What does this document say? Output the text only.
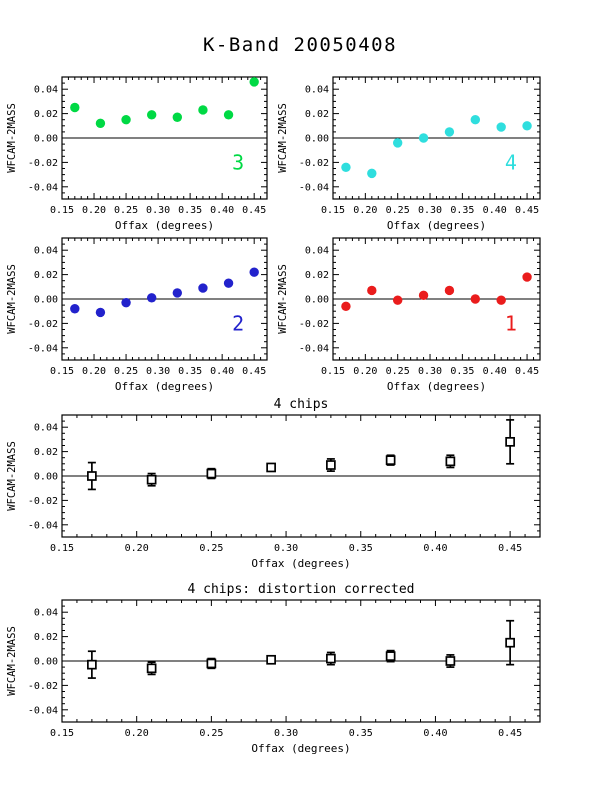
K-Band 20050408
0.15 0.20 0.25 0.30 0.35 0.40 0.45
-0.04
-0.02
0.00
0.02
0.04
Offax (degrees)
WFCAM-2MASS	3
0.15 0.20 0.25 0.30 0.35 0.40 0.45
-0.04
-0.02
0.00
0.02
0.04
Offax (degrees)
WFCAM-2MASS	4
0.15 0.20 0.25 0.30 0.35 0.40 0.45
-0.04
-0.02
0.00
0.02
0.04
Offax (degrees)
WFCAM-2MASS	2
0.15 0.20 0.25 0.30 0.35 0.40 0.45
-0.04
-0.02
0.00
0.02
0.04
Offax (degrees)
WFCAM-2MASS	1
0.15	0.20	0.25	0.30	0.35	0.40	0.45
-0.04
-0.02
0.00
0.02
0.04
4 chips
Offax (degrees)
WFCAM-2MASS
0.15	0.20	0.25	0.30	0.35	0.40	0.45
-0.04
-0.02
0.00
0.02
0.04
4 chips: distortion corrected
Offax (degrees)
WFCAM-2MASS
